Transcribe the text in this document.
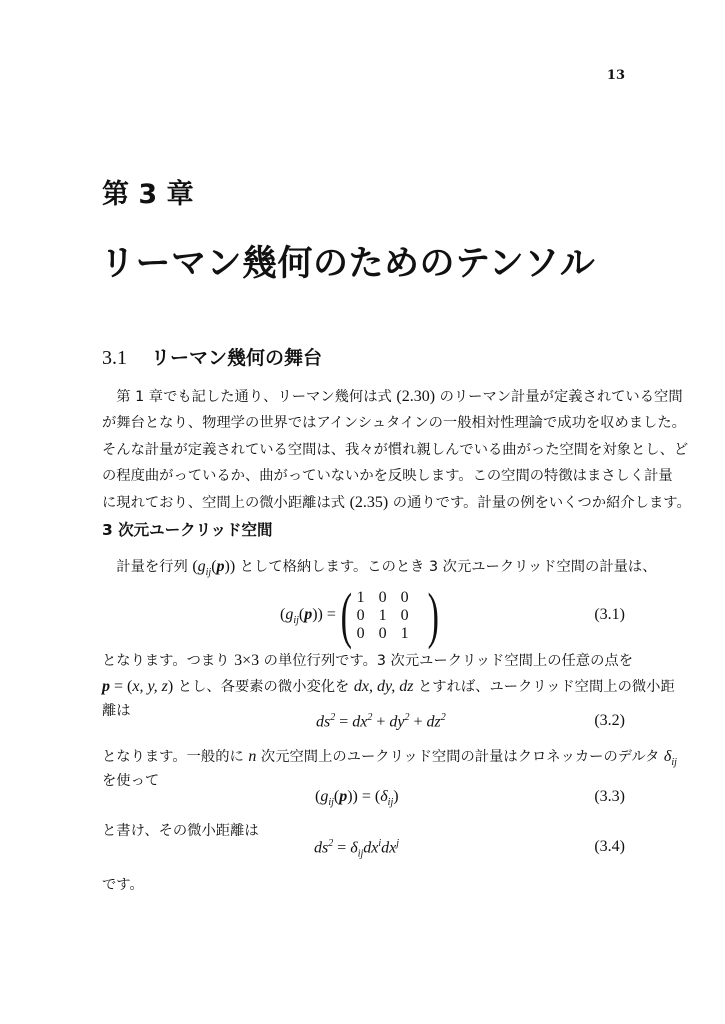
13
第 3 章
リーマン幾何のためのテンソル
3.1 リーマン幾何の舞台
3 次元ユークリッド空間
$(g_{ij}(p))$ = ( 1 0 0
0 1 0
0 0 1 )	(3.1)
$ds^2 = dx^2 + dy^2 + dz^2$	(3.2)
$(g_{ij}(p)) = (\delta_{ij})$	(3.3)
$ds^2 = \delta_{ij}dx^idx^j$	(3.4)
　第 1 章でも記した通り、リーマン幾何は式 (2.30) のリーマン計量が定義されている空間
が舞台となり、物理学の世界ではアインシュタインの一般相対性理論で成功を収めました。
そんな計量が定義されている空間は、我々が慣れ親しんでいる曲がった空間を対象とし、ど
の程度曲がっているか、曲がっていないかを反映します。この空間の特徴はまさしく計量
に現れており、空間上の微小距離は式 (2.35) の通りです。計量の例をいくつか紹介します。
　計量を行列 $(g_{ij}(p))$ として格納します。このとき 3 次元ユークリッド空間の計量は、
となります。つまり 3×3 の単位行列です。3 次元ユークリッド空間上の任意の点を
p = (x, y, z) とし、各要素の微小変化を dx, dy, dz とすれば、ユークリッド空間上の微小距
離は
となります。一般的に n 次元空間上のユークリッド空間の計量はクロネッカーのデルタ $\delta_{ij}$
を使って
と書け、その微小距離は
です。
